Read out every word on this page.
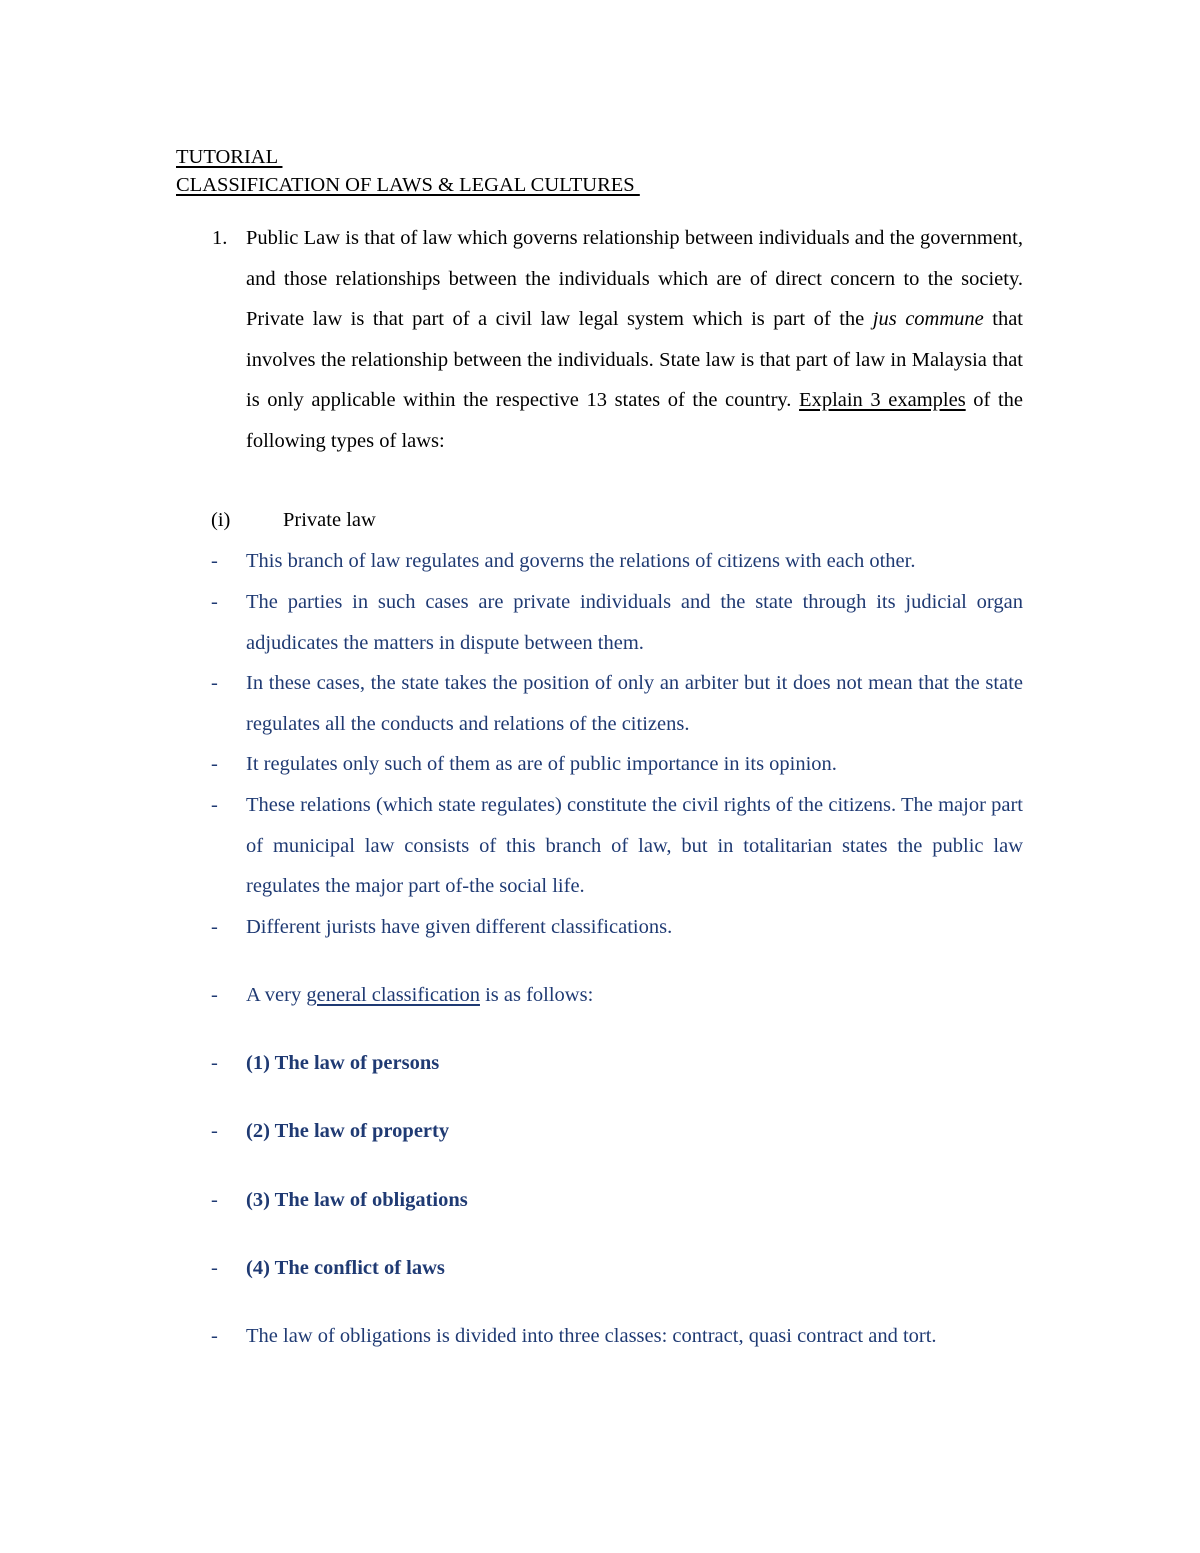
TUTORIAL
CLASSIFICATION OF LAWS & LEGAL CULTURES
1. Public Law is that of law which governs relationship between individuals and the government, and those relationships between the individuals which are of direct concern to the society. Private law is that part of a civil law legal system which is part of the jus commune that involves the relationship between the individuals. State law is that part of law in Malaysia that is only applicable within the respective 13 states of the country. Explain 3 examples of the following types of laws:
(i)	Private law
- This branch of law regulates and governs the relations of citizens with each other.
- The parties in such cases are private individuals and the state through its judicial organ adjudicates the matters in dispute between them.
- In these cases, the state takes the position of only an arbiter but it does not mean that the state regulates all the conducts and relations of the citizens.
- It regulates only such of them as are of public importance in its opinion.
- These relations (which state regulates) constitute the civil rights of the citizens. The major part of municipal law consists of this branch of law, but in totalitarian states the public law regulates the major part of-the social life.
- Different jurists have given different classifications.
- A very general classification is as follows:
- (1) The law of persons
- (2) The law of property
- (3) The law of obligations
- (4) The conflict of laws
- The law of obligations is divided into three classes: contract, quasi contract and tort.
